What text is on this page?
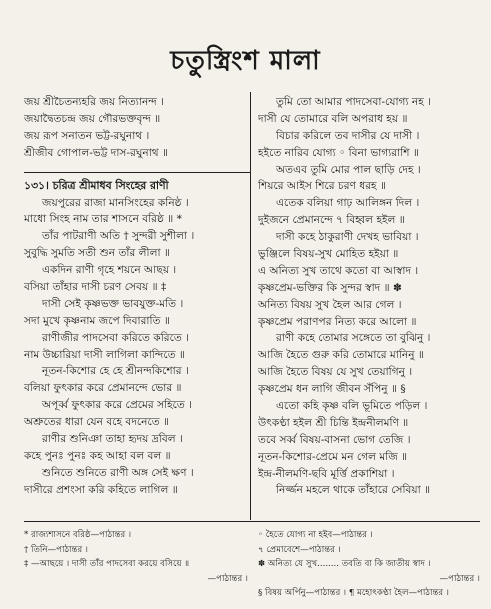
চতুস্ত্রিংশ মালা
জয় শ্রীচৈতন্যহরি জয় নিত্যানন্দ ।
জয়াদ্বৈতচন্দ্র জয় গৌরভক্তবৃন্দ ॥
জয় রূপ সনাতন ভট্ট-রঘুনাথ ।
শ্রীজীব গোপাল-ভট্ট দাস-রঘুনাথ ॥
১৩১। চরিত্র শ্রীমাধব সিংহের রাণী
জয়পুরের রাজা মানসিংহের কনিষ্ঠ ।
মাধো সিংহ নাম তার শাসনে বরিষ্ঠ ॥ *
তাঁর পাটরাণী অতি † সুন্দরী সুশীলা ।
সুবুদ্ধি সুমতি সতী শুন তাঁর লীলা ॥
একদিন রাণী গৃহে শয়নে আছয় ।
বসিয়া তাঁহার দাসী চরণ সেবয় ॥ ‡
দাসী সেই কৃষ্ণভক্ত ভাবযুক্ত-মতি ।
সদা মুখে কৃষ্ণনাম জপে দিবারাতি ॥
রাণীজীর পাদসেবা করিতে করিতে ।
নাম উচ্চারিয়া দাসী লাগিলা কান্দিতে ॥
নূতন-কিশোর হে হে শ্রীনন্দকিশোর ।
বলিয়া ফুৎকার করে প্রেমানন্দে ভোর ॥
অপূর্ব্ব ফুৎকার করে প্রেমের সহিতে ।
অশ্রুতের ধারা যেন বহে বদনেতে ॥
রাণীর শুনিঞা তাহা হৃদয় দ্রবিল ।
কহে পুনঃ পুনঃ কহ আহা বল বল ॥
শুনিতে শুনিতে রাণী অঙ্গ সেই ক্ষণ ।
দাসীরে প্রশংসা করি কহিতে লাগিল ॥
তুমি তো আমার পাদসেবা-যোগ্য নহ ।
দাসী যে তোমারে বলি অপরাধ হয় ॥
বিচার করিলে তব দাসীর যে দাসী ।
হইতে নারিব যোগ্য ◦ বিনা ভাগ্যরাশি ॥
অতএব তুমি মোর পাল ছাড়ি দেহ ।
শিয়রে আইস শিরে চরণ ধরহ ॥
এতেক বলিয়া গাঢ় আলিঙ্গন দিল ।
দুইজনে প্রেমানন্দে ৭ বিহ্বল হইল ॥
দাসী কহে ঠাকুরাণী দেখহ ভাবিয়া ।
ভুঞ্জিলে বিষয়-সুখ মোহিত হইয়া ॥
এ অনিত্য সুখ তাথে কতো বা আস্বাদ ।
কৃষ্ণপ্রেম-ভক্তির কি সুন্দর স্বাদ ॥ ✽
অনিত্য বিষয় সুখ হৈল আর গেল ।
কৃষ্ণপ্রেম পরাণপর নিত্য করে আলো ॥
রাণী কহে তোমার সঙ্গেতে তা বুঝিনু ।
আজি হৈতে গুরু করি তোমারে মানিনু ॥
আজি হৈতে বিষয় যে সুখ তেয়াগিনু ।
কৃষ্ণপ্রেম ধন লাগি জীবন সঁপিনু ॥ §
এতো কহি কৃষ্ণ বলি ভূমিতে পড়িল ।
উৎকণ্ঠা হইল শ্রী চিন্তি ইন্দ্রনীলমণি ॥
তবে সর্ব্ব বিষয়-বাসনা ভোগ তেজি ।
নূতন-কিশোর-প্রেমে মন গেল মজি ॥
ইন্দ্র-নীলমণি-ছবি মূর্ত্তি প্রকাশিয়া ।
নির্জ্জন মহলে থাকে তাঁহারে সেবিয়া ॥
* রাজ্যশাসনে বরিষ্ঠ—পাঠান্তর ।
† তিনি—পাঠান্তর ।
‡ —আছয়ে । দাসী তাঁর পাদসেবা করয়ে বসিয়ে ॥
—পাঠান্তর ।
◦ হৈতে যোগ্য না হইব—পাঠান্তর ।
৭ প্রেমাবেশে—পাঠান্তর ।
✽ অনিত্য যে সুখ........ তবতি বা কি জাতীয় স্বাদ ।
—পাঠান্তর ।
§ বিষয় অর্পিনু—পাঠান্তর । ¶ মহোৎকণ্ঠা হৈল—পাঠান্তর ।
